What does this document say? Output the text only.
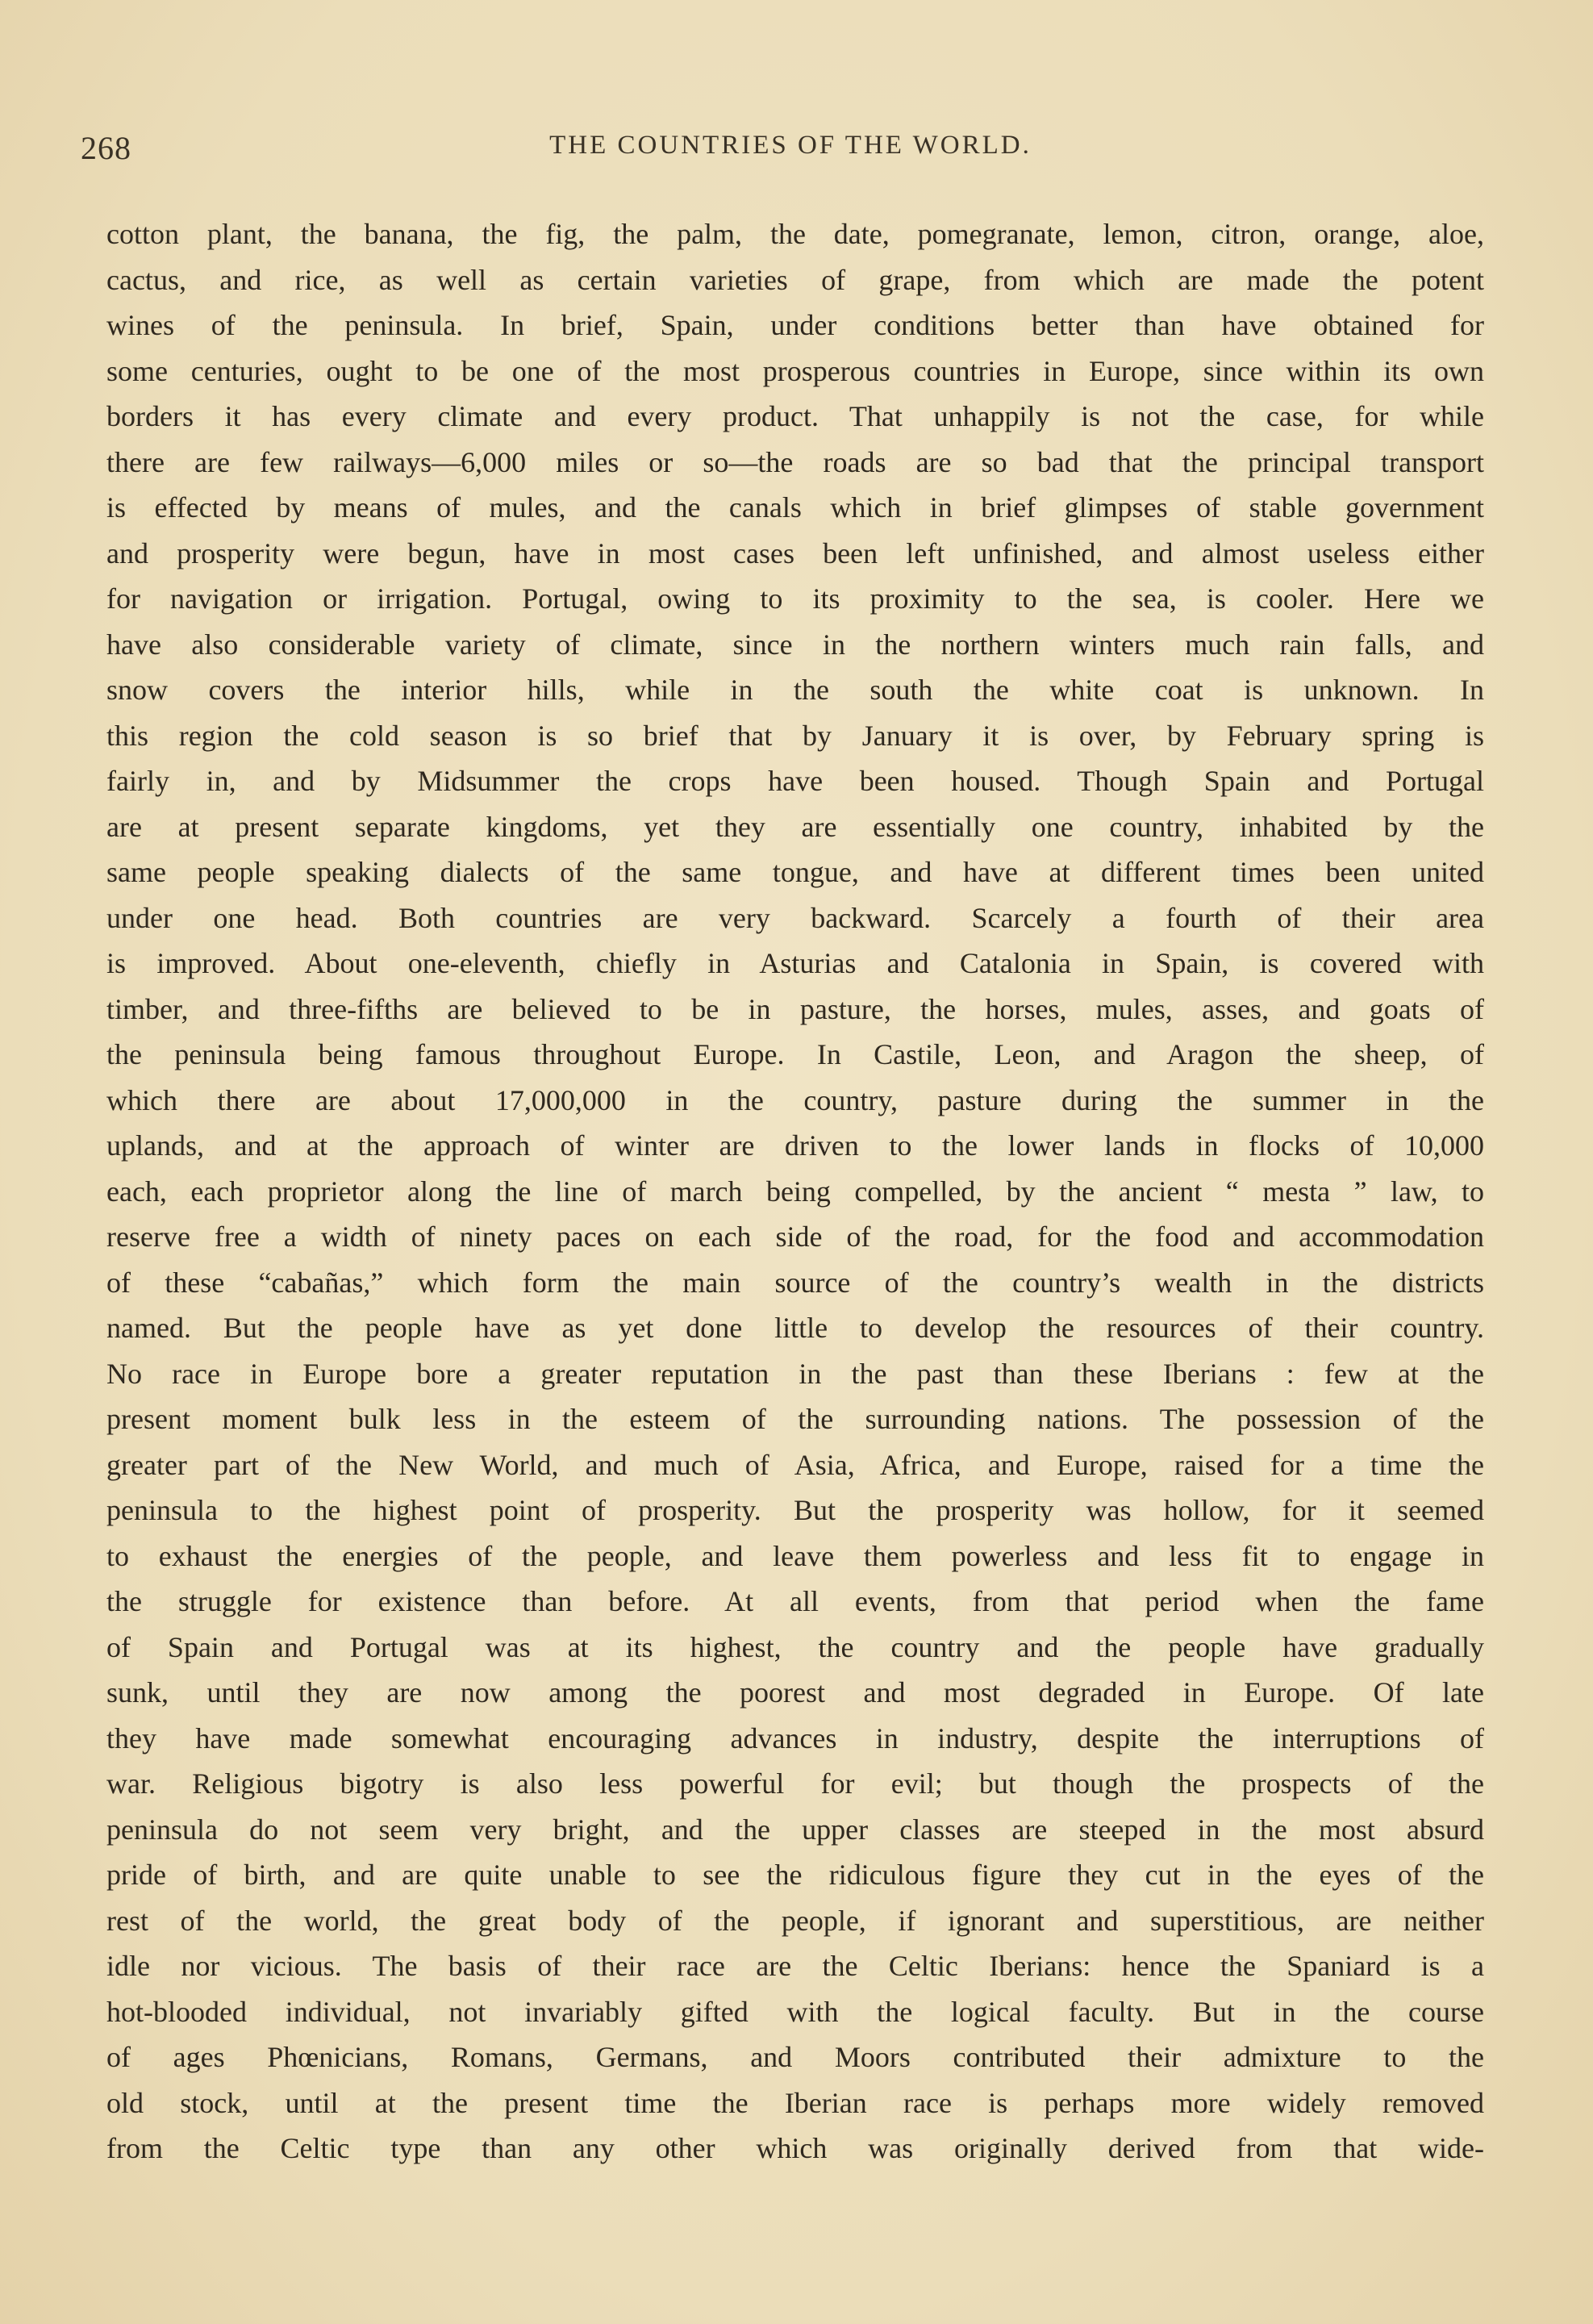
268	THE COUNTRIES OF THE WORLD.
cotton plant, the banana, the fig, the palm, the date, pomegranate, lemon, citron, orange, aloe,
cactus, and rice, as well as certain varieties of grape, from which are made the potent
wines of the peninsula. In brief, Spain, under conditions better than have obtained for
some centuries, ought to be one of the most prosperous countries in Europe, since within its own
borders it has every climate and every product. That unhappily is not the case, for while
there are few railways—6,000 miles or so—the roads are so bad that the principal transport
is effected by means of mules, and the canals which in brief glimpses of stable government
and prosperity were begun, have in most cases been left unfinished, and almost useless either
for navigation or irrigation. Portugal, owing to its proximity to the sea, is cooler. Here we
have also considerable variety of climate, since in the northern winters much rain falls, and
snow covers the interior hills, while in the south the white coat is unknown. In
this region the cold season is so brief that by January it is over, by February spring is
fairly in, and by Midsummer the crops have been housed. Though Spain and Portugal
are at present separate kingdoms, yet they are essentially one country, inhabited by the
same people speaking dialects of the same tongue, and have at different times been united
under one head. Both countries are very backward. Scarcely a fourth of their area
is improved. About one-eleventh, chiefly in Asturias and Catalonia in Spain, is covered with
timber, and three-fifths are believed to be in pasture, the horses, mules, asses, and goats of
the peninsula being famous throughout Europe. In Castile, Leon, and Aragon the sheep, of
which there are about 17,000,000 in the country, pasture during the summer in the
uplands, and at the approach of winter are driven to the lower lands in flocks of 10,000
each, each proprietor along the line of march being compelled, by the ancient “ mesta ” law, to
reserve free a width of ninety paces on each side of the road, for the food and accommodation
of these “cabañas,” which form the main source of the country’s wealth in the districts
named. But the people have as yet done little to develop the resources of their country.
No race in Europe bore a greater reputation in the past than these Iberians : few at the
present moment bulk less in the esteem of the surrounding nations. The possession of the
greater part of the New World, and much of Asia, Africa, and Europe, raised for a time the
peninsula to the highest point of prosperity. But the prosperity was hollow, for it seemed
to exhaust the energies of the people, and leave them powerless and less fit to engage in
the struggle for existence than before. At all events, from that period when the fame
of Spain and Portugal was at its highest, the country and the people have gradually
sunk, until they are now among the poorest and most degraded in Europe. Of late
they have made somewhat encouraging advances in industry, despite the interruptions of
war. Religious bigotry is also less powerful for evil; but though the prospects of the
peninsula do not seem very bright, and the upper classes are steeped in the most absurd
pride of birth, and are quite unable to see the ridiculous figure they cut in the eyes of the
rest of the world, the great body of the people, if ignorant and superstitious, are neither
idle nor vicious. The basis of their race are the Celtic Iberians: hence the Spaniard is a
hot-blooded individual, not invariably gifted with the logical faculty. But in the course
of ages Phœnicians, Romans, Germans, and Moors contributed their admixture to the
old stock, until at the present time the Iberian race is perhaps more widely removed
from the Celtic type than any other which was originally derived from that wide-
